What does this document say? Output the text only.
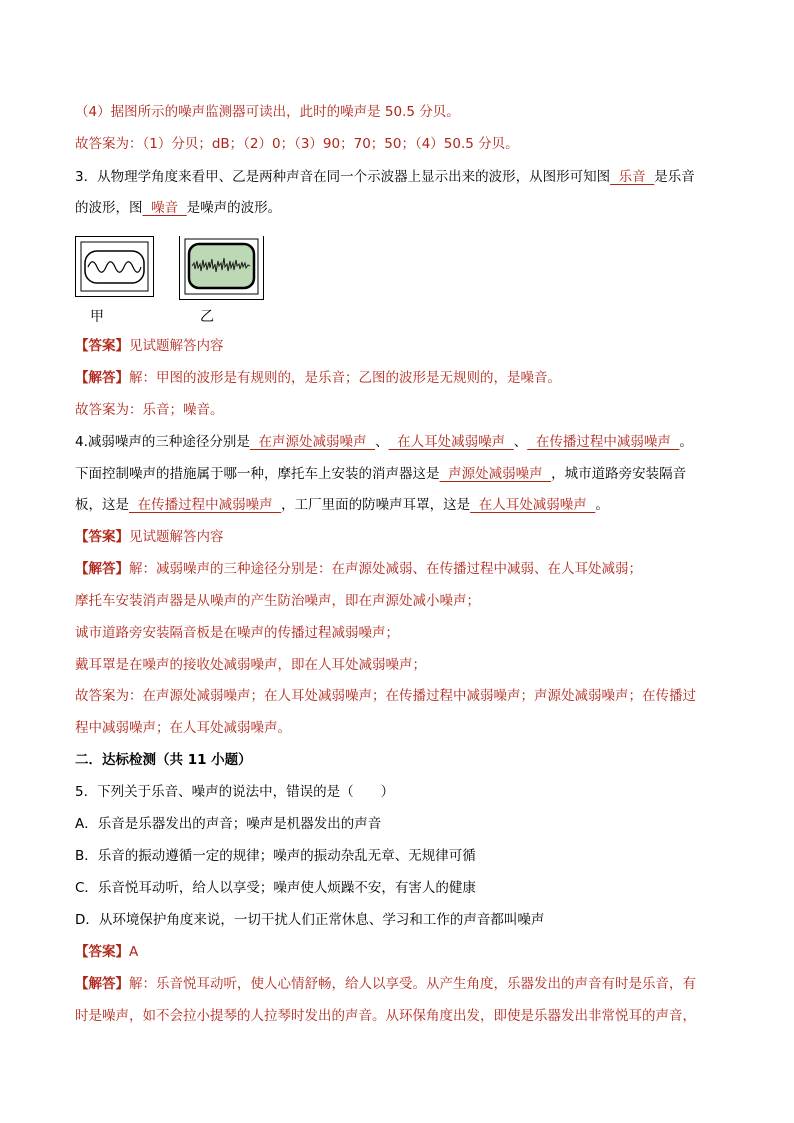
（4）据图所示的噪声监测器可读出，此时的噪声是 50.5 分贝。
故答案为：（1）分贝；dB；（2）0；（3）90；70；50；（4）50.5 分贝。
3．从物理学角度来看甲、乙是两种声音在同一个示波器上显示出来的波形，从图形可知图  乐音  是乐音
的波形，图  噪音  是噪声的波形。
甲	乙
【答案】见试题解答内容
【解答】解：甲图的波形是有规则的，是乐音；乙图的波形是无规则的，是噪音。
故答案为：乐音；噪音。
4.减弱噪声的三种途径分别是  在声源处减弱噪声  、  在人耳处减弱噪声  、  在传播过程中减弱噪声  。
下面控制噪声的措施属于哪一种，摩托车上安装的消声器这是  声源处减弱噪声  ，城市道路旁安装隔音
板，这是  在传播过程中减弱噪声  ，工厂里面的防噪声耳罩，这是  在人耳处减弱噪声  。
【答案】见试题解答内容
【解答】解：减弱噪声的三种途径分别是：在声源处减弱、在传播过程中减弱、在人耳处减弱；
摩托车安装消声器是从噪声的产生防治噪声，即在声源处减小噪声；
诚市道路旁安装隔音板是在噪声的传播过程减弱噪声；
戴耳罩是在噪声的接收处减弱噪声，即在人耳处减弱噪声；
故答案为：在声源处减弱噪声；在人耳处减弱噪声；在传播过程中减弱噪声；声源处减弱噪声；在传播过
程中减弱噪声；在人耳处减弱噪声。
二．达标检测（共 11 小题）
5．下列关于乐音、噪声的说法中，错误的是（　　）
A．乐音是乐器发出的声音；噪声是机器发出的声音
B．乐音的振动遵循一定的规律；噪声的振动杂乱无章、无规律可循
C．乐音悦耳动听，给人以享受；噪声使人烦躁不安，有害人的健康
D．从环境保护角度来说，一切干扰人们正常休息、学习和工作的声音都叫噪声
【答案】A
【解答】解：乐音悦耳动听，使人心情舒畅，给人以享受。从产生角度，乐器发出的声音有时是乐音，有
时是噪声，如不会拉小提琴的人拉琴时发出的声音。从环保角度出发，即使是乐器发出非常悦耳的声音，
